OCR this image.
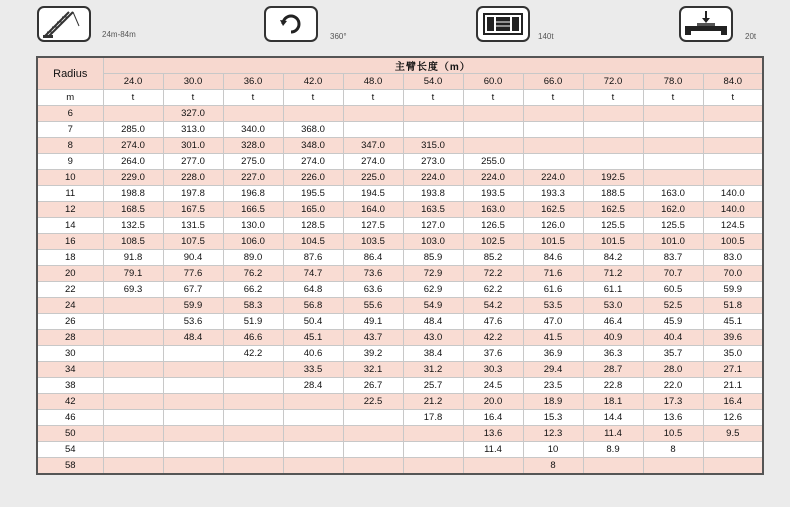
24m-84m	360°	140t	20t
Radius	主臂长度（m）										
	24.0	30.0	36.0	42.0	48.0	54.0	60.0	66.0	72.0	78.0	84.0
m	t	t	t	t	t	t	t	t	t	t	t
6		327.0									
7	285.0	313.0	340.0	368.0							
8	274.0	301.0	328.0	348.0	347.0	315.0					
9	264.0	277.0	275.0	274.0	274.0	273.0	255.0				
10	229.0	228.0	227.0	226.0	225.0	224.0	224.0	224.0	192.5		
11	198.8	197.8	196.8	195.5	194.5	193.8	193.5	193.3	188.5	163.0	140.0
12	168.5	167.5	166.5	165.0	164.0	163.5	163.0	162.5	162.5	162.0	140.0
14	132.5	131.5	130.0	128.5	127.5	127.0	126.5	126.0	125.5	125.5	124.5
16	108.5	107.5	106.0	104.5	103.5	103.0	102.5	101.5	101.5	101.0	100.5
18	91.8	90.4	89.0	87.6	86.4	85.9	85.2	84.6	84.2	83.7	83.0
20	79.1	77.6	76.2	74.7	73.6	72.9	72.2	71.6	71.2	70.7	70.0
22	69.3	67.7	66.2	64.8	63.6	62.9	62.2	61.6	61.1	60.5	59.9
24		59.9	58.3	56.8	55.6	54.9	54.2	53.5	53.0	52.5	51.8
26		53.6	51.9	50.4	49.1	48.4	47.6	47.0	46.4	45.9	45.1
28		48.4	46.6	45.1	43.7	43.0	42.2	41.5	40.9	40.4	39.6
30			42.2	40.6	39.2	38.4	37.6	36.9	36.3	35.7	35.0
34				33.5	32.1	31.2	30.3	29.4	28.7	28.0	27.1
38				28.4	26.7	25.7	24.5	23.5	22.8	22.0	21.1
42					22.5	21.2	20.0	18.9	18.1	17.3	16.4
46						17.8	16.4	15.3	14.4	13.6	12.6
50							13.6	12.3	11.4	10.5	9.5
54							11.4	10	8.9	8	
58								8			
